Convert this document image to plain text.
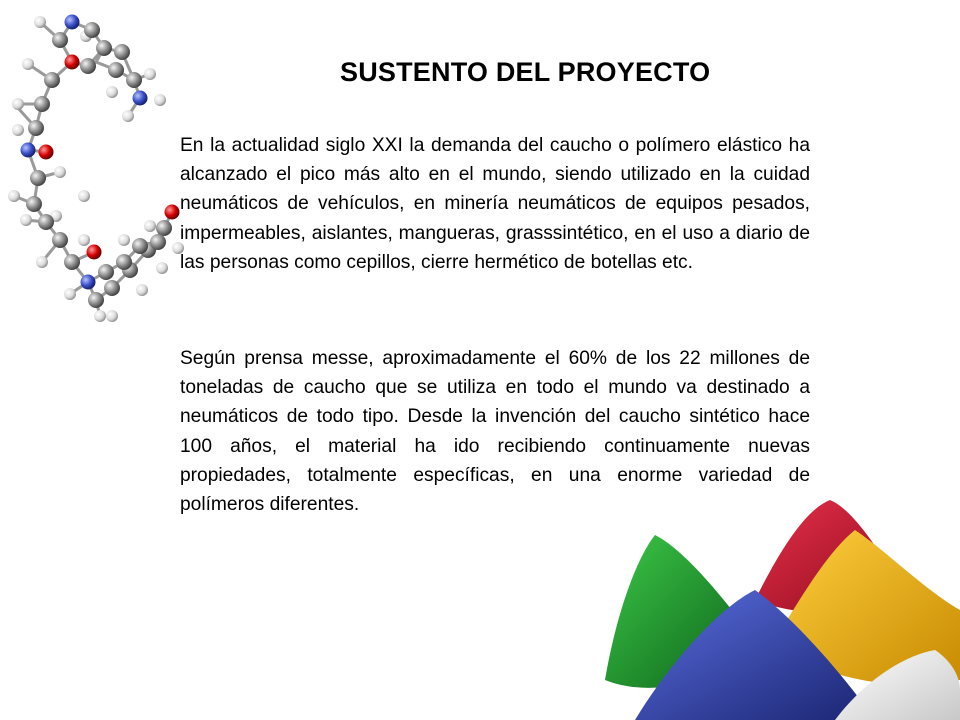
SUSTENTO DEL PROYECTO

En la actualidad siglo XXI la demanda del caucho o polímero elástico ha alcanzado el pico más alto en el mundo, siendo utilizado en la cuidad neumáticos de vehículos, en minería neumáticos de equipos pesados, impermeables, aislantes, mangueras, grasssintético, en el uso a diario de las personas como cepillos, cierre hermético de botellas etc.

Según prensa messe, aproximadamente el 60% de los 22 millones de toneladas de caucho que se utiliza en todo el mundo va destinado a neumáticos de todo tipo. Desde la invención del caucho sintético hace 100 años, el material ha ido recibiendo continuamente nuevas propiedades, totalmente específicas, en una enorme variedad de polímeros diferentes.
